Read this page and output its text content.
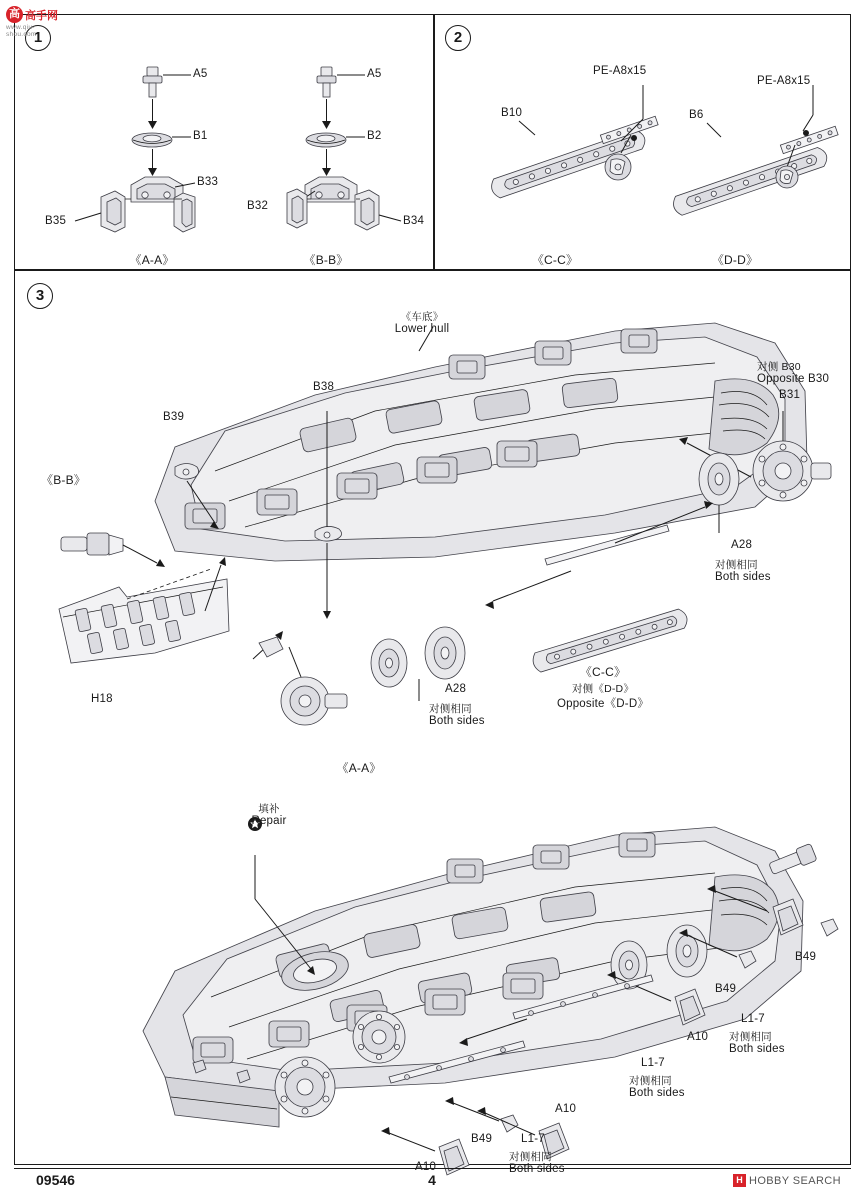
高 高手网
www.qiu-shou.com
1
A5
B1
B33
B35
A5
B2
B32
B34
《A-A》	《B-B》
2
B10
PE-A8x15
B6
PE-A8x15
《C-C》	《D-D》
3
《车底》
Lower hull
对侧 B30
Opposite B30
B31
B38
B39
《B-B》
A28
对侧相同
Both sides
A28
对侧相同
Both sides
《C-C》
对侧《D-D》
Opposite《D-D》
H18
《A-A》
填补
Repair
B49
B49
L1-7
对侧相同
Both sides
A10
L1-7
对侧相同
Both sides
A10
B49	L1-7
对侧相同
Both sides
A10
09546	4	H HOBBY SEARCH
